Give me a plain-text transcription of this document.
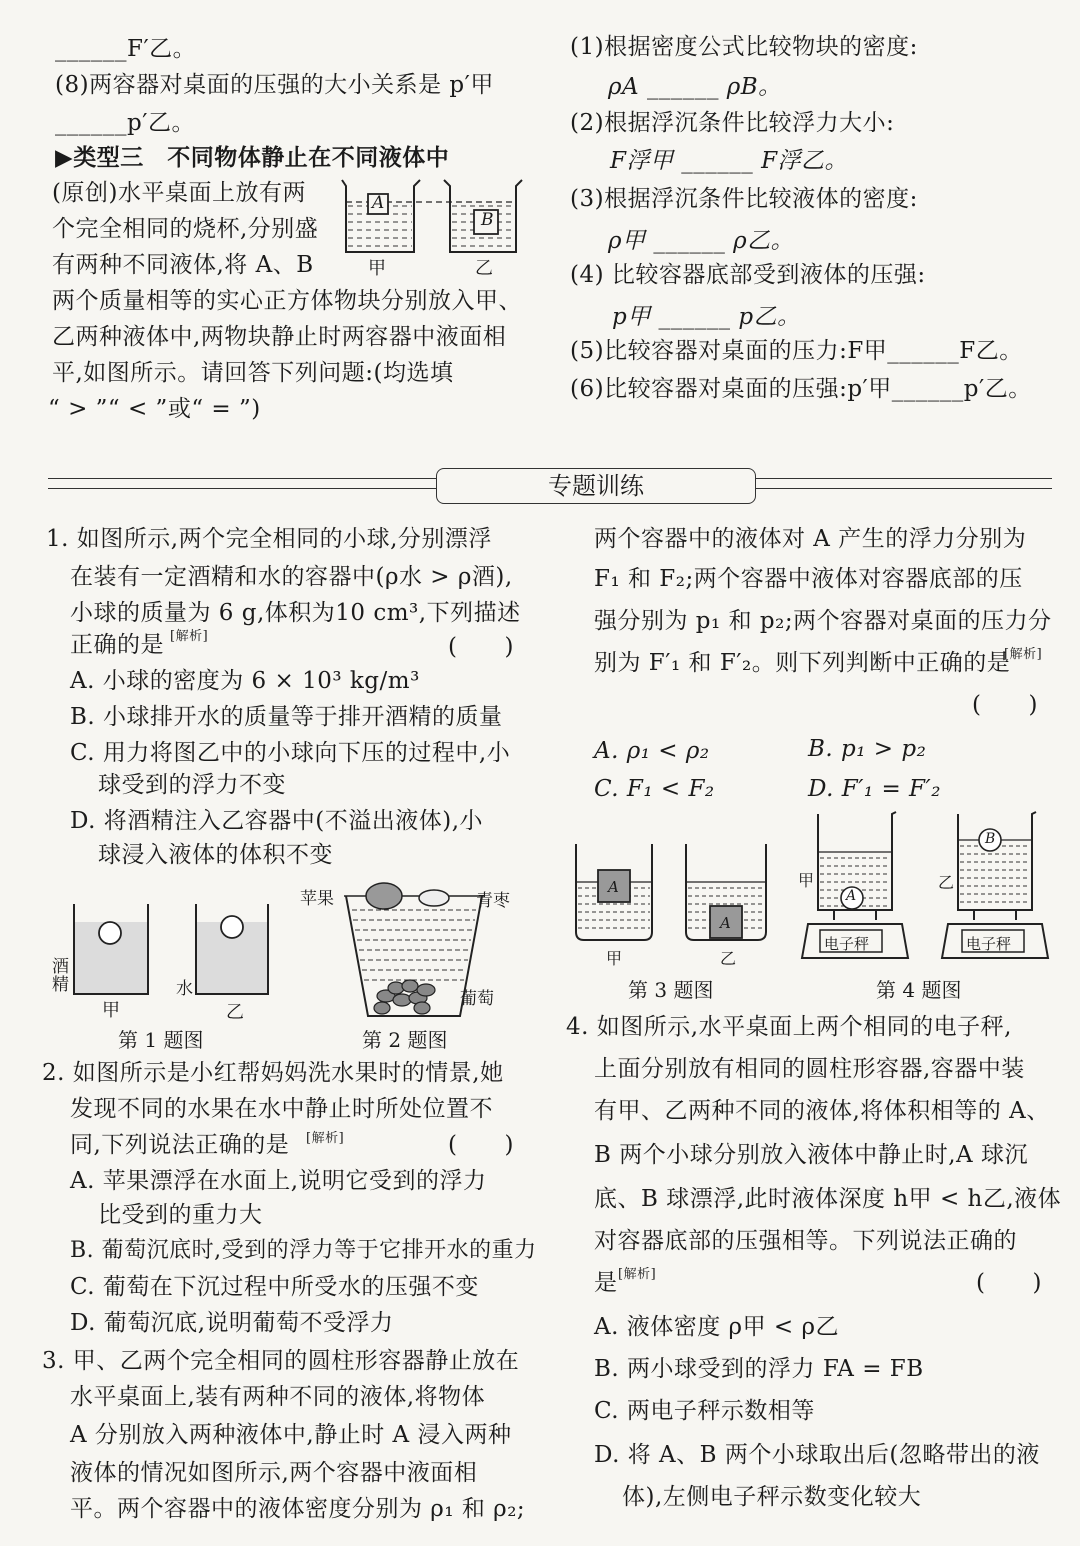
______F′乙。
(8)两容器对桌面的压强的大小关系是 p′甲
______p′乙。
▶类型三　不同物体静止在不同液体中
(原创)水平桌面上放有两
个完全相同的烧杯,分别盛
有两种不同液体,将 A、B
两个质量相等的实心正方体物块分别放入甲、
乙两种液体中,两物块静止时两容器中液面相
平,如图所示。请回答下列问题:(均选填
“ > ”“ < ”或“ = ”)
A
B
甲	乙
(1)根据密度公式比较物块的密度:
ρA ______ ρB。
(2)根据浮沉条件比较浮力大小:
F浮甲 ______ F浮乙。
(3)根据浮沉条件比较液体的密度:
ρ甲 ______ ρ乙。
(4) 比较容器底部受到液体的压强:
p甲 ______ p乙。
(5)比较容器对桌面的压力:F甲______F乙。
(6)比较容器对桌面的压强:p′甲______p′乙。
专题训练
1. 如图所示,两个完全相同的小球,分别漂浮
在装有一定酒精和水的容器中(ρ水 > ρ酒),
小球的质量为 6 g,体积为10 cm³,下列描述
正确的是 [解析]	(　　)
A. 小球的密度为 6 × 10³ kg/m³
B. 小球排开水的质量等于排开酒精的质量
C. 用力将图乙中的小球向下压的过程中,小
球受到的浮力不变
D. 将酒精注入乙容器中(不溢出液体),小
球浸入液体的体积不变
酒精	水
甲	乙
第 1 题图
苹果	青枣
葡萄
第 2 题图
2. 如图所示是小红帮妈妈洗水果时的情景,她
发现不同的水果在水中静止时所处位置不
同,下列说法正确的是 [解析]	(　　)
A. 苹果漂浮在水面上,说明它受到的浮力
比受到的重力大
B. 葡萄沉底时,受到的浮力等于它排开水的重力
C. 葡萄在下沉过程中所受水的压强不变
D. 葡萄沉底,说明葡萄不受浮力
3. 甲、乙两个完全相同的圆柱形容器静止放在
水平桌面上,装有两种不同的液体,将物体
A 分别放入两种液体中,静止时 A 浸入两种
液体的情况如图所示,两个容器中液面相
平。两个容器中的液体密度分别为 ρ₁ 和 ρ₂;
两个容器中的液体对 A 产生的浮力分别为
F₁ 和 F₂;两个容器中液体对容器底部的压
强分别为 p₁ 和 p₂;两个容器对桌面的压力分
别为 F′₁ 和 F′₂。则下列判断中正确的是
[解析]
(　　)
A. ρ₁ < ρ₂	B. p₁ > p₂
C. F₁ < F₂	D. F′₁ = F′₂
A
A
甲	乙
第 3 题图
A
B
甲	乙
电子秤	电子秤
第 4 题图
4. 如图所示,水平桌面上两个相同的电子秤,
上面分别放有相同的圆柱形容器,容器中装
有甲、乙两种不同的液体,将体积相等的 A、
B 两个小球分别放入液体中静止时,A 球沉
底、B 球漂浮,此时液体深度 h甲 < h乙,液体
对容器底部的压强相等。下列说法正确的
是 [解析]	(　　)
A. 液体密度 ρ甲 < ρ乙
B. 两小球受到的浮力 FA = FB
C. 两电子秤示数相等
D. 将 A、B 两个小球取出后(忽略带出的液
体),左侧电子秤示数变化较大
